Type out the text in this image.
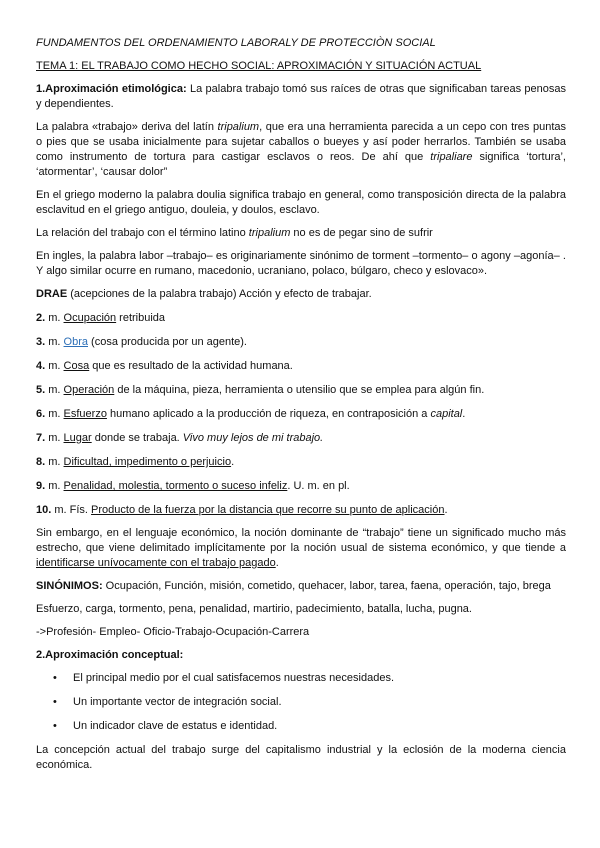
FUNDAMENTOS DEL ORDENAMIENTO LABORALY DE PROTECCIÒN SOCIAL

TEMA 1: EL TRABAJO COMO HECHO SOCIAL: APROXIMACIÓN Y SITUACIÓN ACTUAL

1.Aproximación etimológica: La palabra trabajo tomó sus raíces de otras que significaban tareas penosas y dependientes.

La palabra «trabajo» deriva del latín tripalium, que era una herramienta parecida a un cepo con tres puntas o pies que se usaba inicialmente para sujetar caballos o bueyes y así poder herrarlos. También se usaba como instrumento de tortura para castigar esclavos o reos. De ahí que tripaliare significa ‘tortura’, ‘atormentar’, ‘causar dolor”

En el griego moderno la palabra doulia significa trabajo en general, como transposición directa de la palabra esclavitud en el griego antiguo, douleia, y doulos, esclavo.

La relación del trabajo con el término latino tripalium no es de pegar sino de sufrir

En ingles, la palabra labor –trabajo– es originariamente sinónimo de torment –tormento– o agony –agonía– . Y algo similar ocurre en rumano, macedonio, ucraniano, polaco, búlgaro, checo y eslovaco».

DRAE (acepciones de la palabra trabajo) Acción y efecto de trabajar.

2. m. Ocupación retribuida

3. m. Obra (cosa producida por un agente).

4. m. Cosa que es resultado de la actividad humana.

5. m. Operación de la máquina, pieza, herramienta o utensilio que se emplea para algún fin.

6. m. Esfuerzo humano aplicado a la producción de riqueza, en contraposición a capital.

7. m. Lugar donde se trabaja. Vivo muy lejos de mi trabajo.

8. m. Dificultad, impedimento o perjuicio.

9. m. Penalidad, molestia, tormento o suceso infeliz. U. m. en pl.

10. m. Fís. Producto de la fuerza por la distancia que recorre su punto de aplicación.

Sin embargo, en el lenguaje económico, la noción dominante de “trabajo” tiene un significado mucho más estrecho, que viene delimitado implícitamente por la noción usual de sistema económico, y que tiende a identificarse unívocamente con el trabajo pagado.

SINÓNIMOS: Ocupación, Función, misión, cometido, quehacer, labor, tarea, faena, operación, tajo, brega

Esfuerzo, carga, tormento, pena, penalidad, martirio, padecimiento, batalla, lucha, pugna.

->Profesión- Empleo- Oficio-Trabajo-Ocupación-Carrera

2.Aproximación conceptual:

• El principal medio por el cual satisfacemos nuestras necesidades.
• Un importante vector de integración social.
• Un indicador clave de estatus e identidad.

La concepción actual del trabajo surge del capitalismo industrial y la eclosión de la moderna ciencia económica.
